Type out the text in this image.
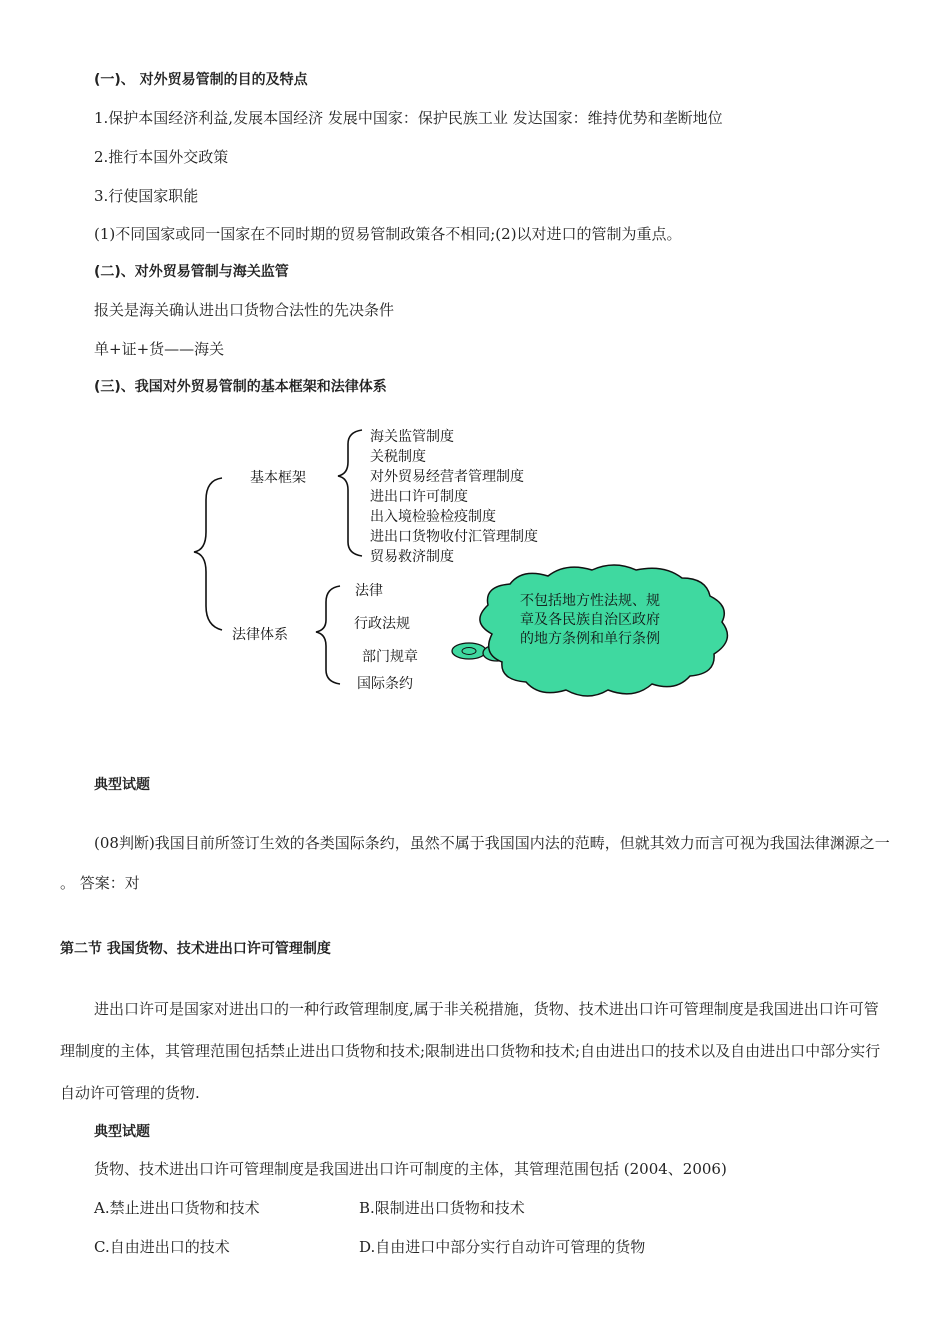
(一)、 对外贸易管制的目的及特点
1.保护本国经济利益,发展本国经济 发展中国家：保护民族工业 发达国家：维持优势和垄断地位
2.推行本国外交政策
3.行使国家职能
(1)不同国家或同一国家在不同时期的贸易管制政策各不相同;(2)以对进口的管制为重点。
(二)、对外贸易管制与海关监管
报关是海关确认进出口货物合法性的先决条件
单+证+货——海关
(三)、我国对外贸易管制的基本框架和法律体系
基本框架
法律体系
海关监管制度
关税制度
对外贸易经营者管理制度
进出口许可制度
出入境检验检疫制度
进出口货物收付汇管理制度
贸易救济制度
法律
行政法规
部门规章
国际条约
不包括地方性法规、规
章及各民族自治区政府
的地方条例和单行条例
典型试题
(08判断)我国目前所签订生效的各类国际条约，虽然不属于我国国内法的范畴，但就其效力而言可视为我国法律渊源之一 。 答案：对
第二节 我国货物、技术进出口许可管理制度
进出口许可是国家对进出口的一种行政管理制度,属于非关税措施，货物、技术进出口许可管理制度是我国进出口许可管理制度的主体，其管理范围包括禁止进出口货物和技术;限制进出口货物和技术;自由进出口的技术以及自由进出口中部分实行自动许可管理的货物.
典型试题
货物、技术进出口许可管理制度是我国进出口许可制度的主体，其管理范围包括 (2004、2006)
A.禁止进出口货物和技术	B.限制进出口货物和技术
C.自由进出口的技术	D.自由进口中部分实行自动许可管理的货物
